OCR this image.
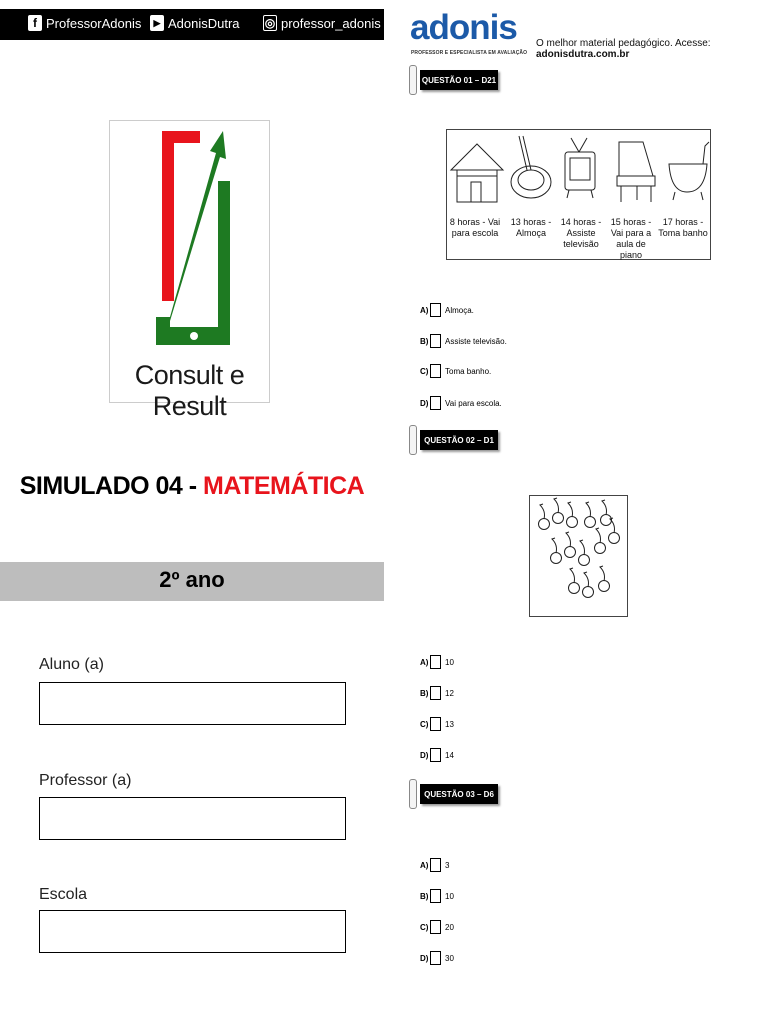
f ProfessorAdonis	▶ AdonisDutra ◎ professor_adonis
Consult e Result
SIMULADO 04 - MATEMÁTICA
2º ano
Aluno (a)
Professor (a)
Escola
adonis
PROFESSOR E ESPECIALISTA EM AVALIAÇÃO
O melhor material pedagógico. Acesse: adonisdutra.com.br
QUESTÃO 01 – D21
8 horas - Vai para escola
13 horas - Almoça
14 horas - Assiste televisão
15 horas - Vai para a aula de piano
17 horas - Toma banho
A) Almoça.
B) Assiste televisão.
C) Toma banho.
D) Vai para escola.
QUESTÃO 02 – D1
A) 10
B) 12
C) 13
D) 14
QUESTÃO 03 – D6
A) 3
B) 10
C) 20
D) 30
